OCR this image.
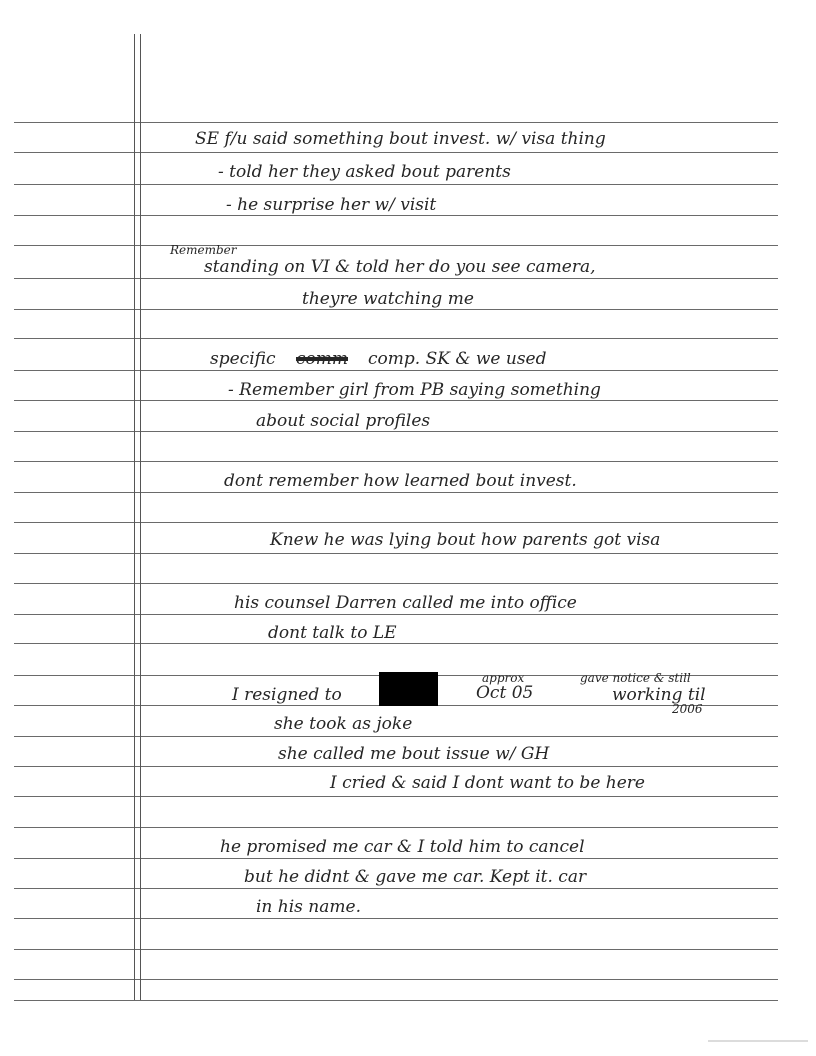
SE f/u said something bout invest. w/ visa thing
- told her they asked bout parents
- he surprise her w/ visit
Remember
standing on VI & told her do you see camera,
theyre watching me
specific comm comp. SK & we used
- Remember girl from PB saying something
about social profiles
dont remember how learned bout invest.
Knew he was lying bout how parents got visa
his counsel Darren called me into office
dont talk to LE
approx	gave notice & still
I resigned to	Oct 05	working til
2006
she took as joke
she called me bout issue w/ GH
I cried & said I dont want to be here
he promised me car & I told him to cancel
but he didnt & gave me car. Kept it. car
in his name.
